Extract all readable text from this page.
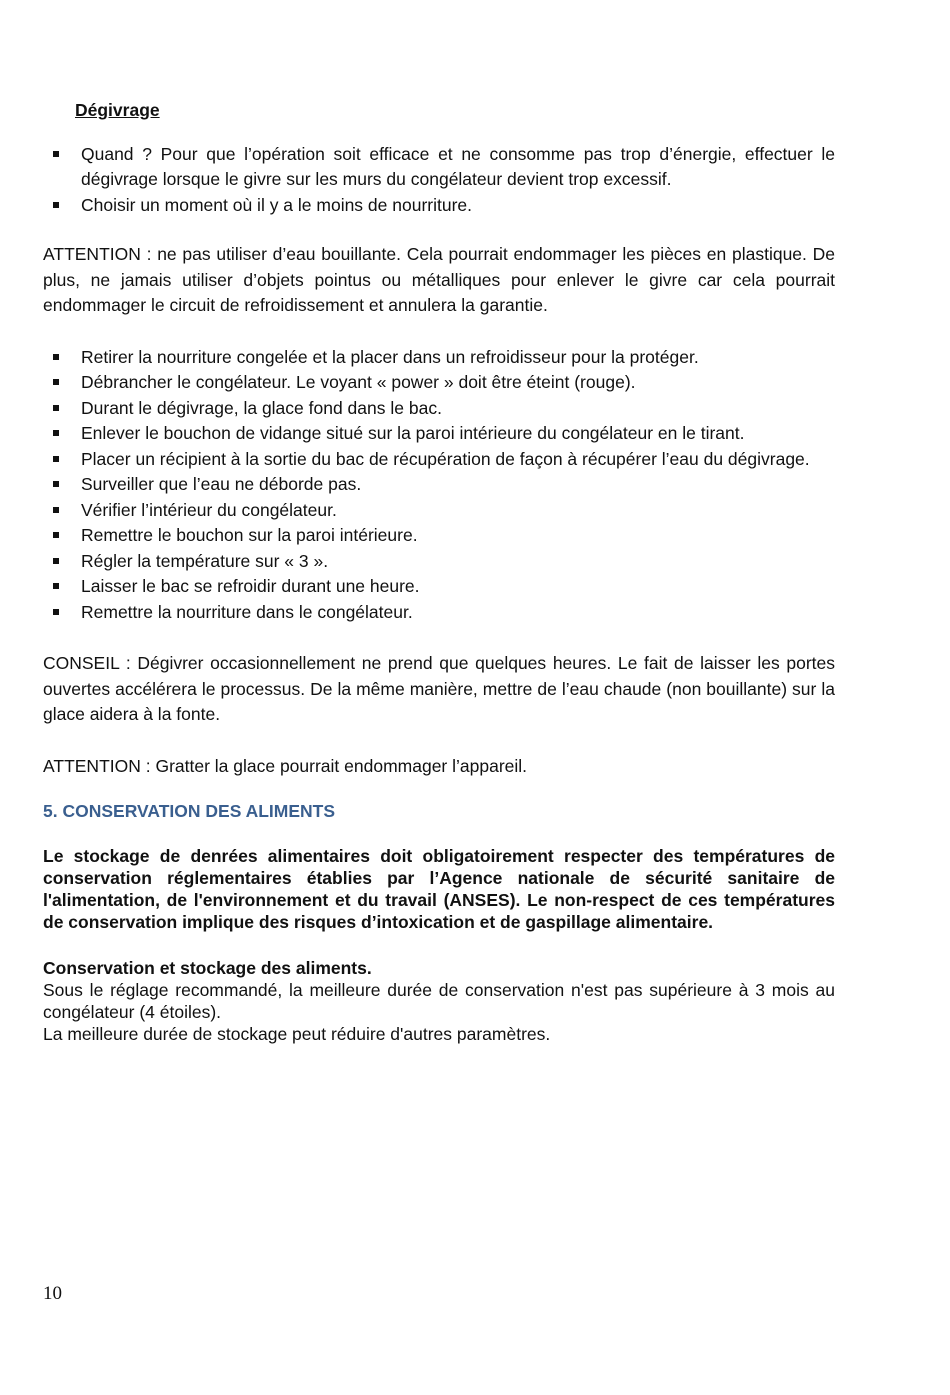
Dégivrage
Quand ? Pour que l’opération soit efficace et ne consomme pas trop d’énergie, effectuer le dégivrage lorsque le givre sur les murs du congélateur devient trop excessif.
Choisir un moment où il y a le moins de nourriture.

ATTENTION : ne pas utiliser d’eau bouillante. Cela pourrait endommager les pièces en plastique. De plus, ne jamais utiliser d’objets pointus ou métalliques pour enlever le givre car cela pourrait endommager le circuit de refroidissement et annulera la garantie.

Retirer la nourriture congelée et la placer dans un refroidisseur pour la protéger.
Débrancher le congélateur. Le voyant « power » doit être éteint (rouge).
Durant le dégivrage, la glace fond dans le bac.
Enlever le bouchon de vidange situé sur la paroi intérieure du congélateur en le tirant.
Placer un récipient à la sortie du bac de récupération de façon à récupérer l’eau du dégivrage.
Surveiller que l’eau ne déborde pas.
Vérifier l’intérieur du congélateur.
Remettre le bouchon sur la paroi intérieure.
Régler la température sur « 3 ».
Laisser le bac se refroidir durant une heure.
Remettre la nourriture dans le congélateur.

CONSEIL : Dégivrer occasionnellement ne prend que quelques heures. Le fait de laisser les portes ouvertes accélérera le processus. De la même manière, mettre de l’eau chaude (non bouillante) sur la glace aidera à la fonte.

ATTENTION : Gratter la glace pourrait endommager l’appareil.

5. CONSERVATION DES ALIMENTS

Le stockage de denrées alimentaires doit obligatoirement respecter des températures de conservation réglementaires établies par l’Agence nationale de sécurité sanitaire de l'alimentation, de l'environnement et du travail (ANSES). Le non-respect de ces températures de conservation implique des risques d’intoxication et de gaspillage alimentaire.

Conservation et stockage des aliments.
Sous le réglage recommandé, la meilleure durée de conservation n'est pas supérieure à 3 mois au congélateur (4 étoiles).
La meilleure durée de stockage peut réduire d'autres paramètres.
10
